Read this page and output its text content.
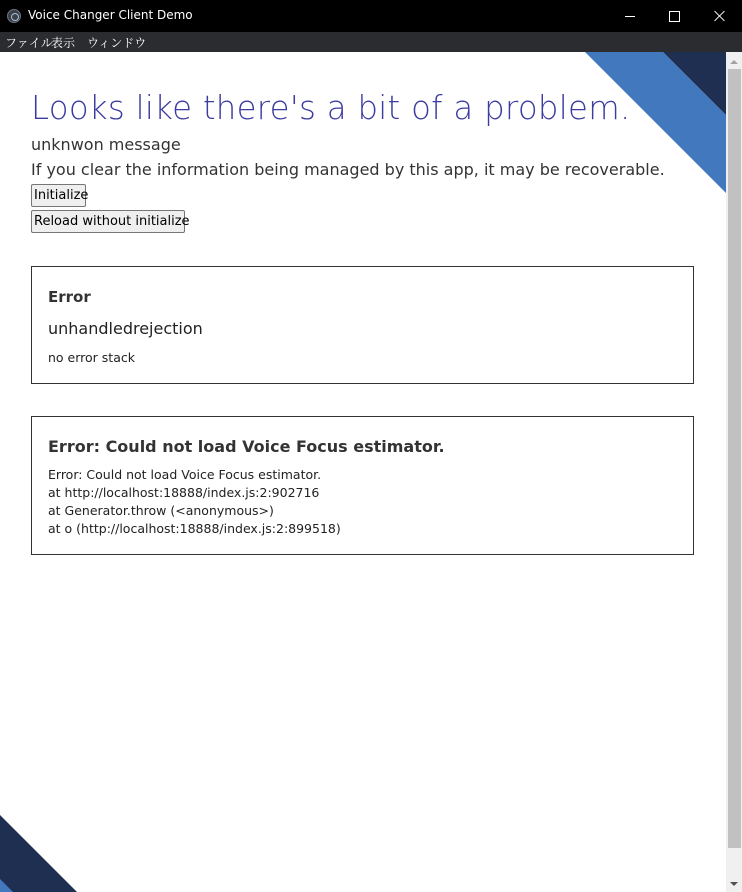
Voice Changer Client Demo
ファイル
表示 ウィンドウ
Looks like there's a bit of a problem.
unknwon message
If you clear the information being managed by this app, it may be recoverable.
Initialize
Reload without initialize
Error
unhandledrejection
no error stack
Error: Could not load Voice Focus estimator.
Error: Could not load Voice Focus estimator.
at http://localhost:18888/index.js:2:902716
at Generator.throw (<anonymous>)
at o (http://localhost:18888/index.js:2:899518)
